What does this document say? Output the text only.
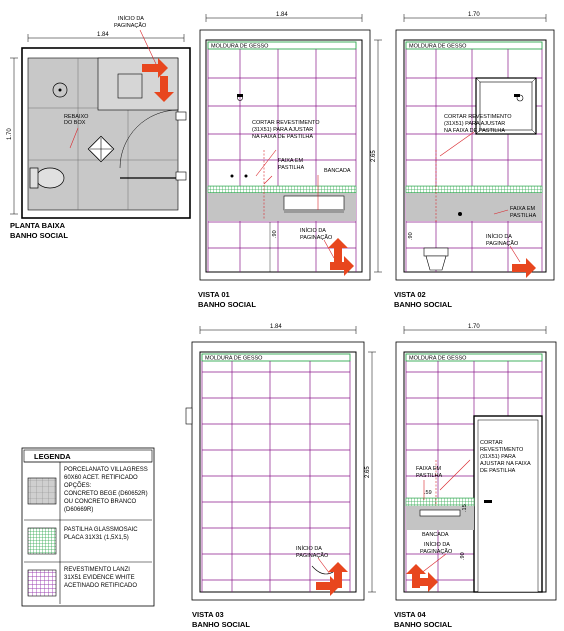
1.84
1.70
REBAIXO DO BOX
INÍCIO DA PAGINAÇÃO
PLANTA BAIXA
BANHO SOCIAL
1.84
2.65
MOLDURA DE GESSO
CORTAR REVESTIMENTO (31X51) PARA AJUSTAR NA FAIXA DE PASTILHA
FAIXA EM PASTILHA	BANCADA
INÍCIO DA PAGINAÇÃO
.90
VISTA 01
BANHO SOCIAL
1.70
MOLDURA DE GESSO
CORTAR REVESTIMENTO (31X51) PARA AJUSTAR NA FAIXA DE PASTILHA
FAIXA EM PASTILHA
INÍCIO DA PAGINAÇÃO
.90
VISTA 02
BANHO SOCIAL
LEGENDA
PORCELANATO VILLAGRESS 60X60 ACET. RETIFICADO OPÇÕES: CONCRETO BEGE (D60652R) OU CONCRETO BRANCO (D60669R)
PASTILHA GLASSMOSAIC PLACA 31X31 (1,5X1,5)
REVESTIMENTO LANZI 31X51 EVIDENCE WHITE ACETINADO RETIFICADO
1.84
2.65
MOLDURA DE GESSO
INÍCIO DA PAGINAÇÃO
VISTA 03
BANHO SOCIAL
1.70
MOLDURA DE GESSO
CORTAR REVESTIMENTO (31X51) PARA AJUSTAR NA FAIXA DE PASTILHA
FAIXA EM PASTILHA
.59
.15
BANCADA
INÍCIO DA PAGINAÇÃO
.90
VISTA 04
BANHO SOCIAL
